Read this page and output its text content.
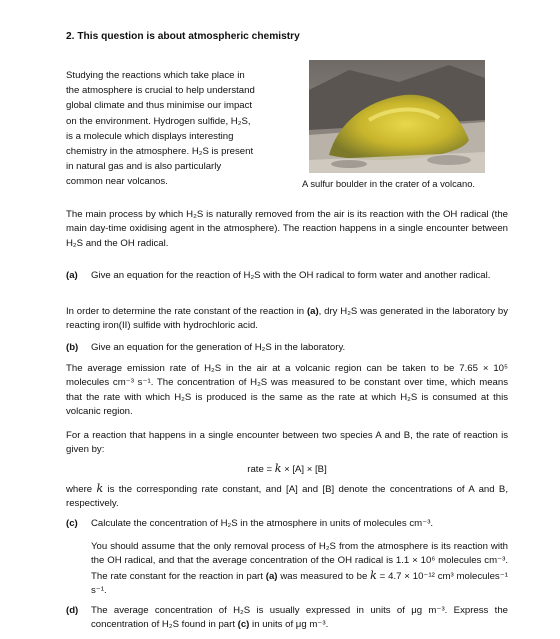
2. This question is about atmospheric chemistry
Studying the reactions which take place in
the atmosphere is crucial to help understand
global climate and thus minimise our impact
on the environment. Hydrogen sulfide, H₂S,
is a molecule which displays interesting
chemistry in the atmosphere. H₂S is present
in natural gas and is also particularly
common near volcanos.	A sulfur boulder in the crater of a volcano.
The main process by which H₂S is naturally removed from the air is its reaction with the OH radical (the main day-time oxidising agent in the atmosphere). The reaction happens in a single encounter between H₂S and the OH radical.
(a) Give an equation for the reaction of H₂S with the OH radical to form water and another radical.
In order to determine the rate constant of the reaction in (a), dry H₂S was generated in the laboratory by reacting iron(II) sulfide with hydrochloric acid.
(b) Give an equation for the generation of H₂S in the laboratory.
The average emission rate of H₂S in the air at a volcanic region can be taken to be 7.65 × 10⁵ molecules cm⁻³ s⁻¹. The concentration of H₂S was measured to be constant over time, which means that the rate with which H₂S is produced is the same as the rate at which H₂S is consumed at this volcanic region.
For a reaction that happens in a single encounter between two species A and B, the rate of reaction is given by:
rate = k × [A] × [B]
where k is the corresponding rate constant, and [A] and [B] denote the concentrations of A and B, respectively.
(c) Calculate the concentration of H₂S in the atmosphere in units of molecules cm⁻³.
You should assume that the only removal process of H₂S from the atmosphere is its reaction with the OH radical, and that the average concentration of the OH radical is 1.1 × 10⁶ molecules cm⁻³. The rate constant for the reaction in part (a) was measured to be k = 4.7 × 10⁻¹² cm³ molecules⁻¹ s⁻¹.
(d) The average concentration of H₂S is usually expressed in units of μg m⁻³. Express the concentration of H₂S found in part (c) in units of μg m⁻³.
